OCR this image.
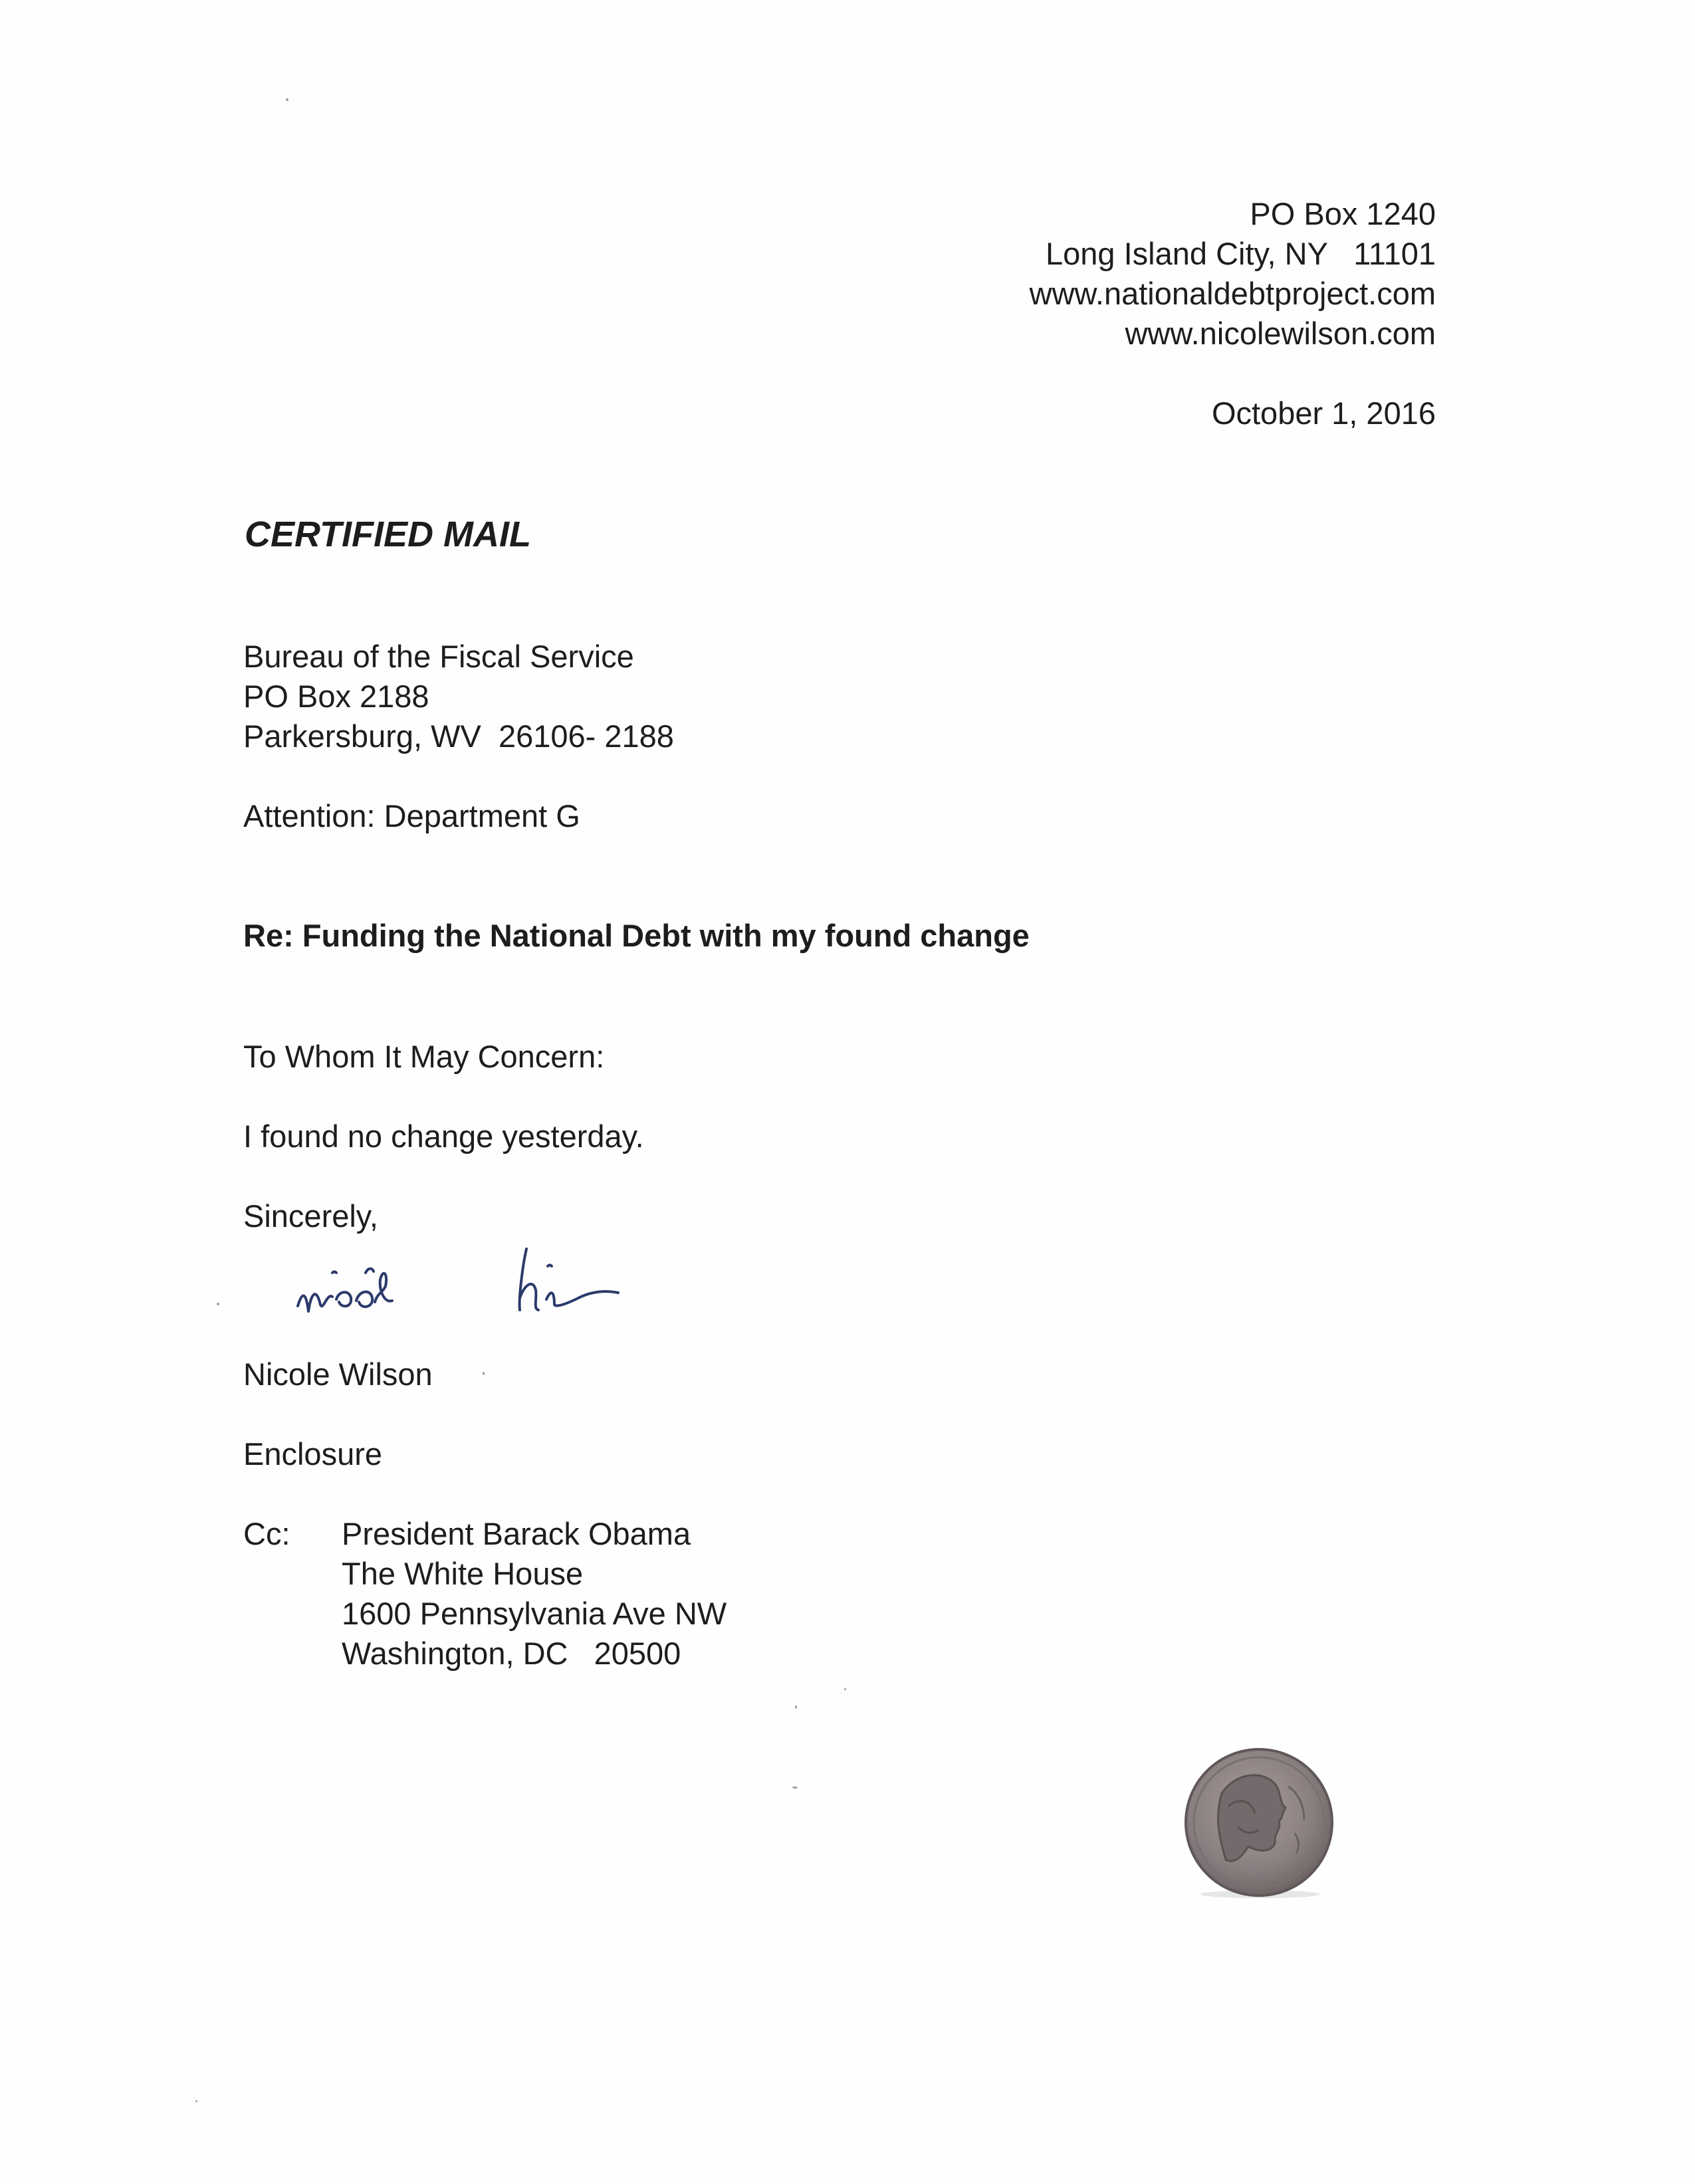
PO Box 1240
Long Island City, NY   11101
www.nationaldebtproject.com
www.nicolewilson.com
October 1, 2016
CERTIFIED MAIL
Bureau of the Fiscal Service
PO Box 2188
Parkersburg, WV  26106- 2188
Attention: Department G
Re: Funding the National Debt with my found change
To Whom It May Concern:
I found no change yesterday.
Sincerely,
Nicole Wilson
Enclosure
Cc: President Barack Obama
The White House
1600 Pennsylvania Ave NW
Washington, DC   20500
